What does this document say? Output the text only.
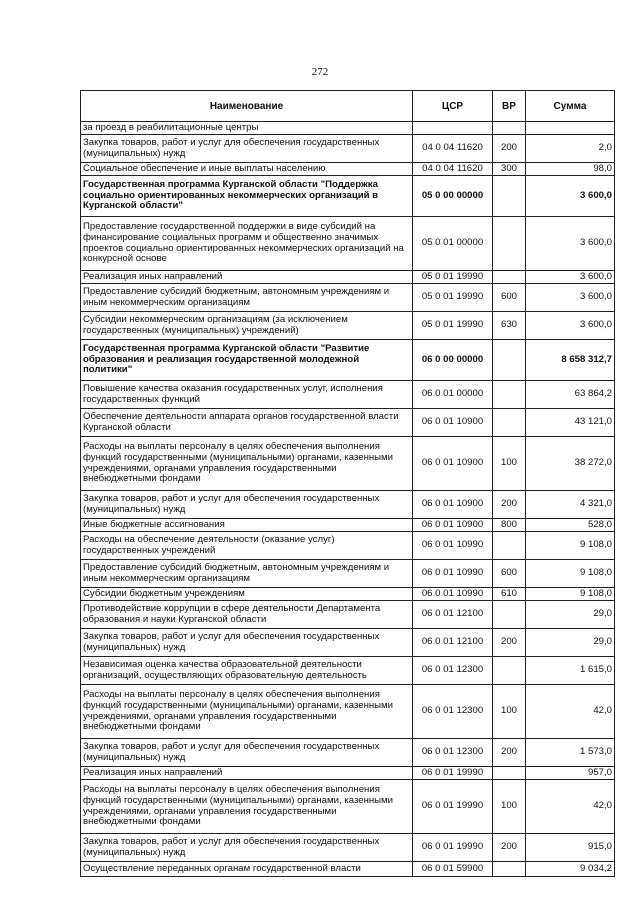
272
Наименование	ЦСР	ВР	Сумма
за проезд в реабилитационные центры			
Закупка товаров, работ и услуг для обеспечения государственных (муниципальных) нужд	04 0 04 11620	200	2,0
Социальное обеспечение и иные выплаты населению	04 0 04 11620	300	98,0
Государственная программа Курганской области "Поддержка социально ориентированных некоммерческих организаций в Курганской области"	05 0 00 00000		3 600,0
Предоставление государственной поддержки в виде субсидий на финансирование социальных программ и общественно значимых проектов социально ориентированных некоммерческих организаций на конкурсной основе	05 0 01 00000		3 600,0
Реализация иных направлений	05 0 01 19990		3 600,0
Предоставление субсидий бюджетным, автономным учреждениям и иным некоммерческим организациям	05 0 01 19990	600	3 600,0
Субсидии некоммерческим организациям (за исключением государственных (муниципальных) учреждений)	05 0 01 19990	630	3 600,0
Государственная программа Курганской области "Развитие образования и реализация государственной молодежной политики"	06 0 00 00000		8 658 312,7
Повышение качества оказания государственных услуг, исполнения государственных функций	06 0 01 00000		63 864,2
Обеспечение деятельности аппарата органов государственной власти Курганской области	06 0 01 10900		43 121,0
Расходы на выплаты персоналу в целях обеспечения выполнения функций государственными (муниципальными) органами, казенными учреждениями, органами управления государственными внебюджетными фондами	06 0 01 10900	100	38 272,0
Закупка товаров, работ и услуг для обеспечения государственных (муниципальных) нужд	06 0 01 10900	200	4 321,0
Иные бюджетные ассигнования	06 0 01 10900	800	528,0
Расходы на обеспечение деятельности (оказание услуг) государственных учреждений	06 0 01 10990		9 108,0
Предоставление субсидий бюджетным, автономным учреждениям и иным некоммерческим организациям	06 0 01 10990	600	9 108,0
Субсидии бюджетным учреждениям	06 0 01 10990	610	9 108,0
Противодействие коррупции в сфере деятельности Департамента образования и науки Курганской области	06 0 01 12100		29,0
Закупка товаров, работ и услуг для обеспечения государственных (муниципальных) нужд	06 0 01 12100	200	29,0
Независимая оценка качества образовательной деятельности организаций, осуществляющих образовательную деятельность	06 0 01 12300		1 615,0
Расходы на выплаты персоналу в целях обеспечения выполнения функций государственными (муниципальными) органами, казенными учреждениями, органами управления государственными внебюджетными фондами	06 0 01 12300	100	42,0
Закупка товаров, работ и услуг для обеспечения государственных (муниципальных) нужд	06 0 01 12300	200	1 573,0
Реализация иных направлений	06 0 01 19990		957,0
Расходы на выплаты персоналу в целях обеспечения выполнения функций государственными (муниципальными) органами, казенными учреждениями, органами управления государственными внебюджетными фондами	06 0 01 19990	100	42,0
Закупка товаров, работ и услуг для обеспечения государственных (муниципальных) нужд	06 0 01 19990	200	915,0
Осуществление переданных органам государственной власти	06 0 01 59900		9 034,2
